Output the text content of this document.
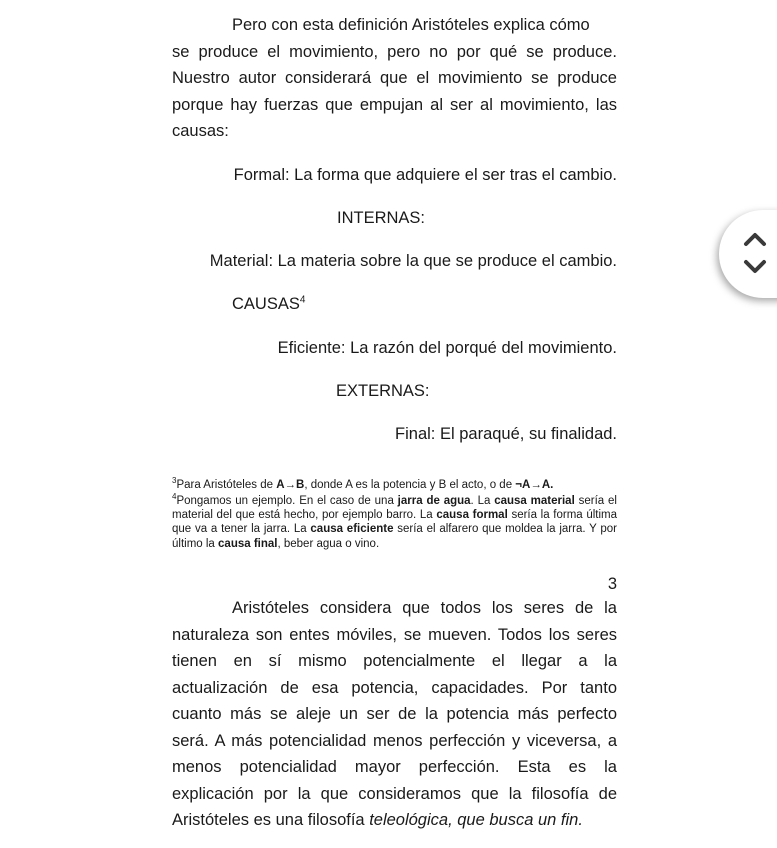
Pero con esta definición Aristóteles explica cómo
se produce el movimiento, pero no por qué se produce. Nuestro autor considerará que el movimiento se produce porque hay fuerzas que empujan al ser al movimiento, las causas:
Formal: La forma que adquiere el ser tras el cambio.
INTERNAS:
Material: La materia sobre la que se produce el cambio.
CAUSAS$^4$
Eficiente: La razón del porqué del movimiento.
EXTERNAS:
Final: El paraqué, su finalidad.
$^3$Para Aristóteles de A→B, donde A es la potencia y B el acto, o de ¬A→A.
$^4$Pongamos un ejemplo. En el caso de una jarra de agua. La causa material sería el material del que está hecho, por ejemplo barro. La causa formal sería la forma última que va a tener la jarra. La causa eficiente sería el alfarero que moldea la jarra. Y por último la causa final, beber agua o vino.
3
Aristóteles considera que todos los seres de la naturaleza son entes móviles, se mueven. Todos los seres tienen en sí mismo potencialmente el llegar a la actualización de esa potencia, capacidades. Por tanto cuanto más se aleje un ser de la potencia más perfecto será. A más potencialidad menos perfección y viceversa, a menos potencialidad mayor perfección. Esta es la explicación por la que consideramos que la filosofía de Aristóteles es una filosofía teleológica, que busca un fin.
